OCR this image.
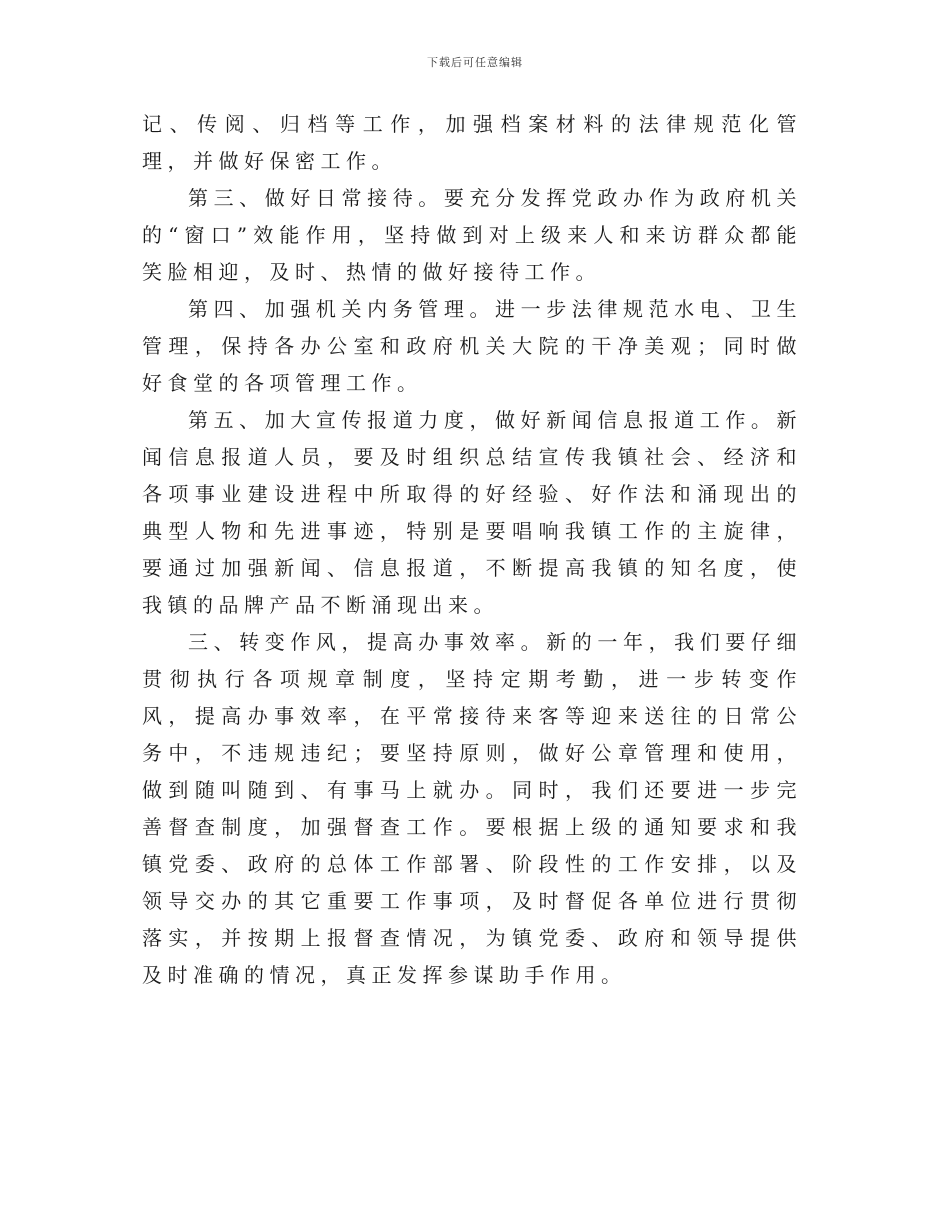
下载后可任意编辑

记、传阅、归档等工作，加强档案材料的法律规范化管理，并做好保密工作。

第三、做好日常接待。要充分发挥党政办作为政府机关的“窗口”效能作用，坚持做到对上级来人和来访群众都能笑脸相迎，及时、热情的做好接待工作。

第四、加强机关内务管理。进一步法律规范水电、卫生管理，保持各办公室和政府机关大院的干净美观；同时做好食堂的各项管理工作。

第五、加大宣传报道力度，做好新闻信息报道工作。新闻信息报道人员，要及时组织总结宣传我镇社会、经济和各项事业建设进程中所取得的好经验、好作法和涌现出的典型人物和先进事迹，特别是要唱响我镇工作的主旋律，要通过加强新闻、信息报道，不断提高我镇的知名度，使我镇的品牌产品不断涌现出来。

三、转变作风，提高办事效率。新的一年，我们要仔细贯彻执行各项规章制度，坚持定期考勤，进一步转变作风，提高办事效率，在平常接待来客等迎来送往的日常公务中，不违规违纪；要坚持原则，做好公章管理和使用，做到随叫随到、有事马上就办。同时，我们还要进一步完善督查制度，加强督查工作。要根据上级的通知要求和我镇党委、政府的总体工作部署、阶段性的工作安排，以及领导交办的其它重要工作事项，及时督促各单位进行贯彻落实，并按期上报督查情况，为镇党委、政府和领导提供及时准确的情况，真正发挥参谋助手作用。
